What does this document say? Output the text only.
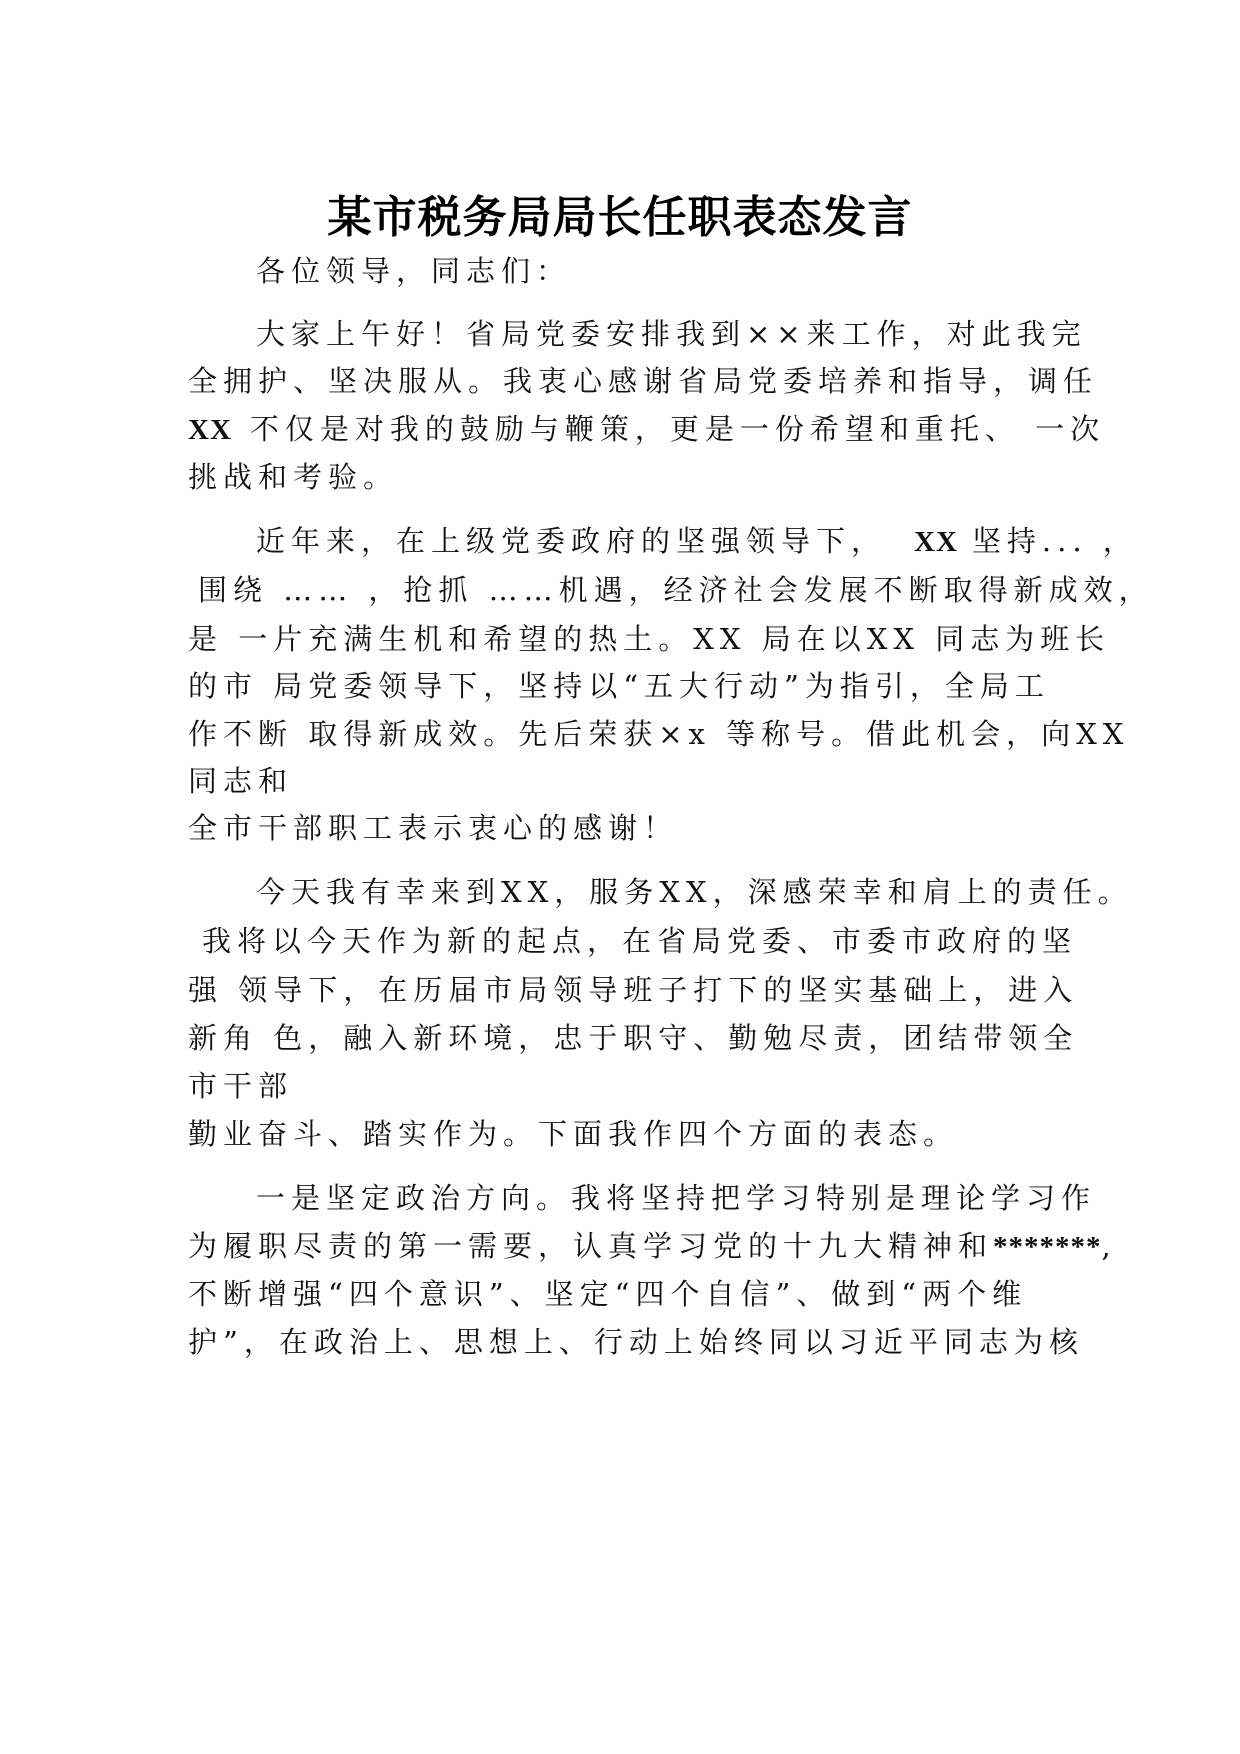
某市税务局局长任职表态发言
各位领导，同志们：
大家上午好！省局党委安排我到××来工作，对此我完
全拥护、坚决服从。我衷心感谢省局党委培养和指导，调任
XX 不仅是对我的鼓励与鞭策，更是一份希望和重托、 一次
挑战和考验。
近年来，在上级党委政府的坚强领导下， XX 坚持... ，
围绕 …… ，抢抓 ……机遇，经济社会发展不断取得新成效，
是 一片充满生机和希望的热土。XX 局在以XX 同志为班长
的市 局党委领导下，坚持以“五大行动”为指引，全局工
作不断 取得新成效。先后荣获×x 等称号。借此机会，向XX
同志和
全市干部职工表示衷心的感谢！
今天我有幸来到XX，服务XX，深感荣幸和肩上的责任。
我将以今天作为新的起点，在省局党委、市委市政府的坚
强 领导下，在历届市局领导班子打下的坚实基础上，进入
新角 色，融入新环境，忠于职守、勤勉尽责，团结带领全
市干部
勤业奋斗、踏实作为。下面我作四个方面的表态。
一是坚定政治方向。我将坚持把学习特别是理论学习作
为履职尽责的第一需要，认真学习党的十九大精神和*******,
不断增强“四个意识”、坚定“四个自信”、做到“两个维
护”，在政治上、思想上、行动上始终同以习近平同志为核
